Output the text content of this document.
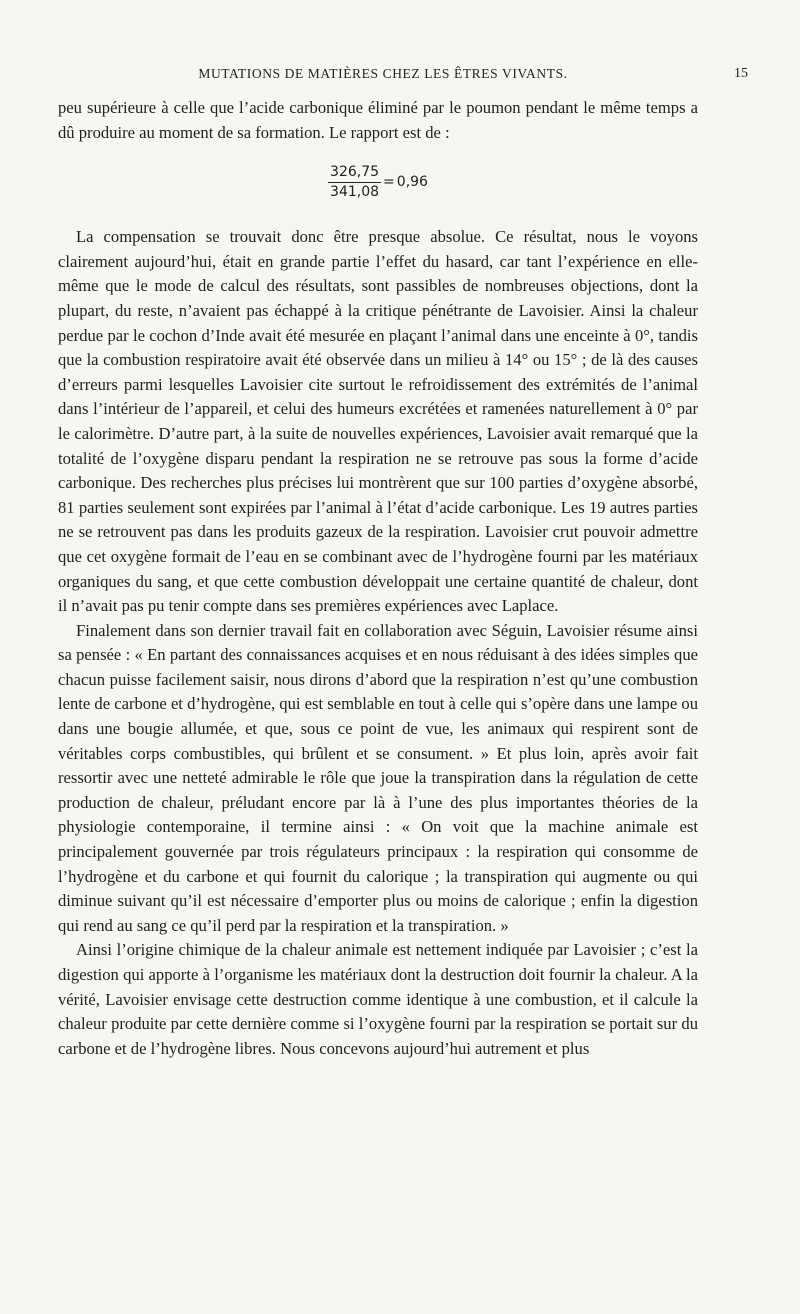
MUTATIONS DE MATIÈRES CHEZ LES ÊTRES VIVANTS.	15

peu supérieure à celle que l’acide carbonique éliminé par le poumon pendant le même temps a dû produire au moment de sa formation. Le rapport est de :

$\frac{326,75}{341,08} = 0,96$

La compensation se trouvait donc être presque absolue. Ce résultat, nous le voyons clairement aujourd’hui, était en grande partie l’effet du hasard, car tant l’expérience en elle-même que le mode de calcul des résultats, sont passibles de nombreuses objections, dont la plupart, du reste, n’avaient pas échappé à la critique pénétrante de Lavoisier. Ainsi la chaleur perdue par le cochon d’Inde avait été mesurée en plaçant l’animal dans une enceinte à 0°, tandis que la combustion respiratoire avait été observée dans un milieu à 14° ou 15° ; de là des causes d’erreurs parmi lesquelles Lavoisier cite surtout le refroidissement des extrémités de l’animal dans l’intérieur de l’appareil, et celui des humeurs excrétées et ramenées naturellement à 0° par le calorimètre. D’autre part, à la suite de nouvelles expériences, Lavoisier avait remarqué que la totalité de l’oxygène disparu pendant la respiration ne se retrouve pas sous la forme d’acide carbonique. Des recherches plus précises lui montrèrent que sur 100 parties d’oxygène absorbé, 81 parties seulement sont expirées par l’animal à l’état d’acide carbonique. Les 19 autres parties ne se retrouvent pas dans les produits gazeux de la respiration. Lavoisier crut pouvoir admettre que cet oxygène formait de l’eau en se combinant avec de l’hydrogène fourni par les matériaux organiques du sang, et que cette combustion développait une certaine quantité de chaleur, dont il n’avait pas pu tenir compte dans ses premières expériences avec Laplace.

Finalement dans son dernier travail fait en collaboration avec Séguin, Lavoisier résume ainsi sa pensée : « En partant des connaissances acquises et en nous réduisant à des idées simples que chacun puisse facilement saisir, nous dirons d’abord que la respiration n’est qu’une combustion lente de carbone et d’hydrogène, qui est semblable en tout à celle qui s’opère dans une lampe ou dans une bougie allumée, et que, sous ce point de vue, les animaux qui respirent sont de véritables corps combustibles, qui brûlent et se consument. » Et plus loin, après avoir fait ressortir avec une netteté admirable le rôle que joue la transpiration dans la régulation de cette production de chaleur, préludant encore par là à l’une des plus importantes théories de la physiologie contemporaine, il termine ainsi : « On voit que la machine animale est principalement gouvernée par trois régulateurs principaux : la respiration qui consomme de l’hydrogène et du carbone et qui fournit du calorique ; la transpiration qui augmente ou qui diminue suivant qu’il est nécessaire d’emporter plus ou moins de calorique ; enfin la digestion qui rend au sang ce qu’il perd par la respiration et la transpiration. »

Ainsi l’origine chimique de la chaleur animale est nettement indiquée par Lavoisier ; c’est la digestion qui apporte à l’organisme les matériaux dont la destruction doit fournir la chaleur. A la vérité, Lavoisier envisage cette destruction comme identique à une combustion, et il calcule la chaleur produite par cette dernière comme si l’oxygène fourni par la respiration se portait sur du carbone et de l’hydrogène libres. Nous concevons aujourd’hui autrement et plus
